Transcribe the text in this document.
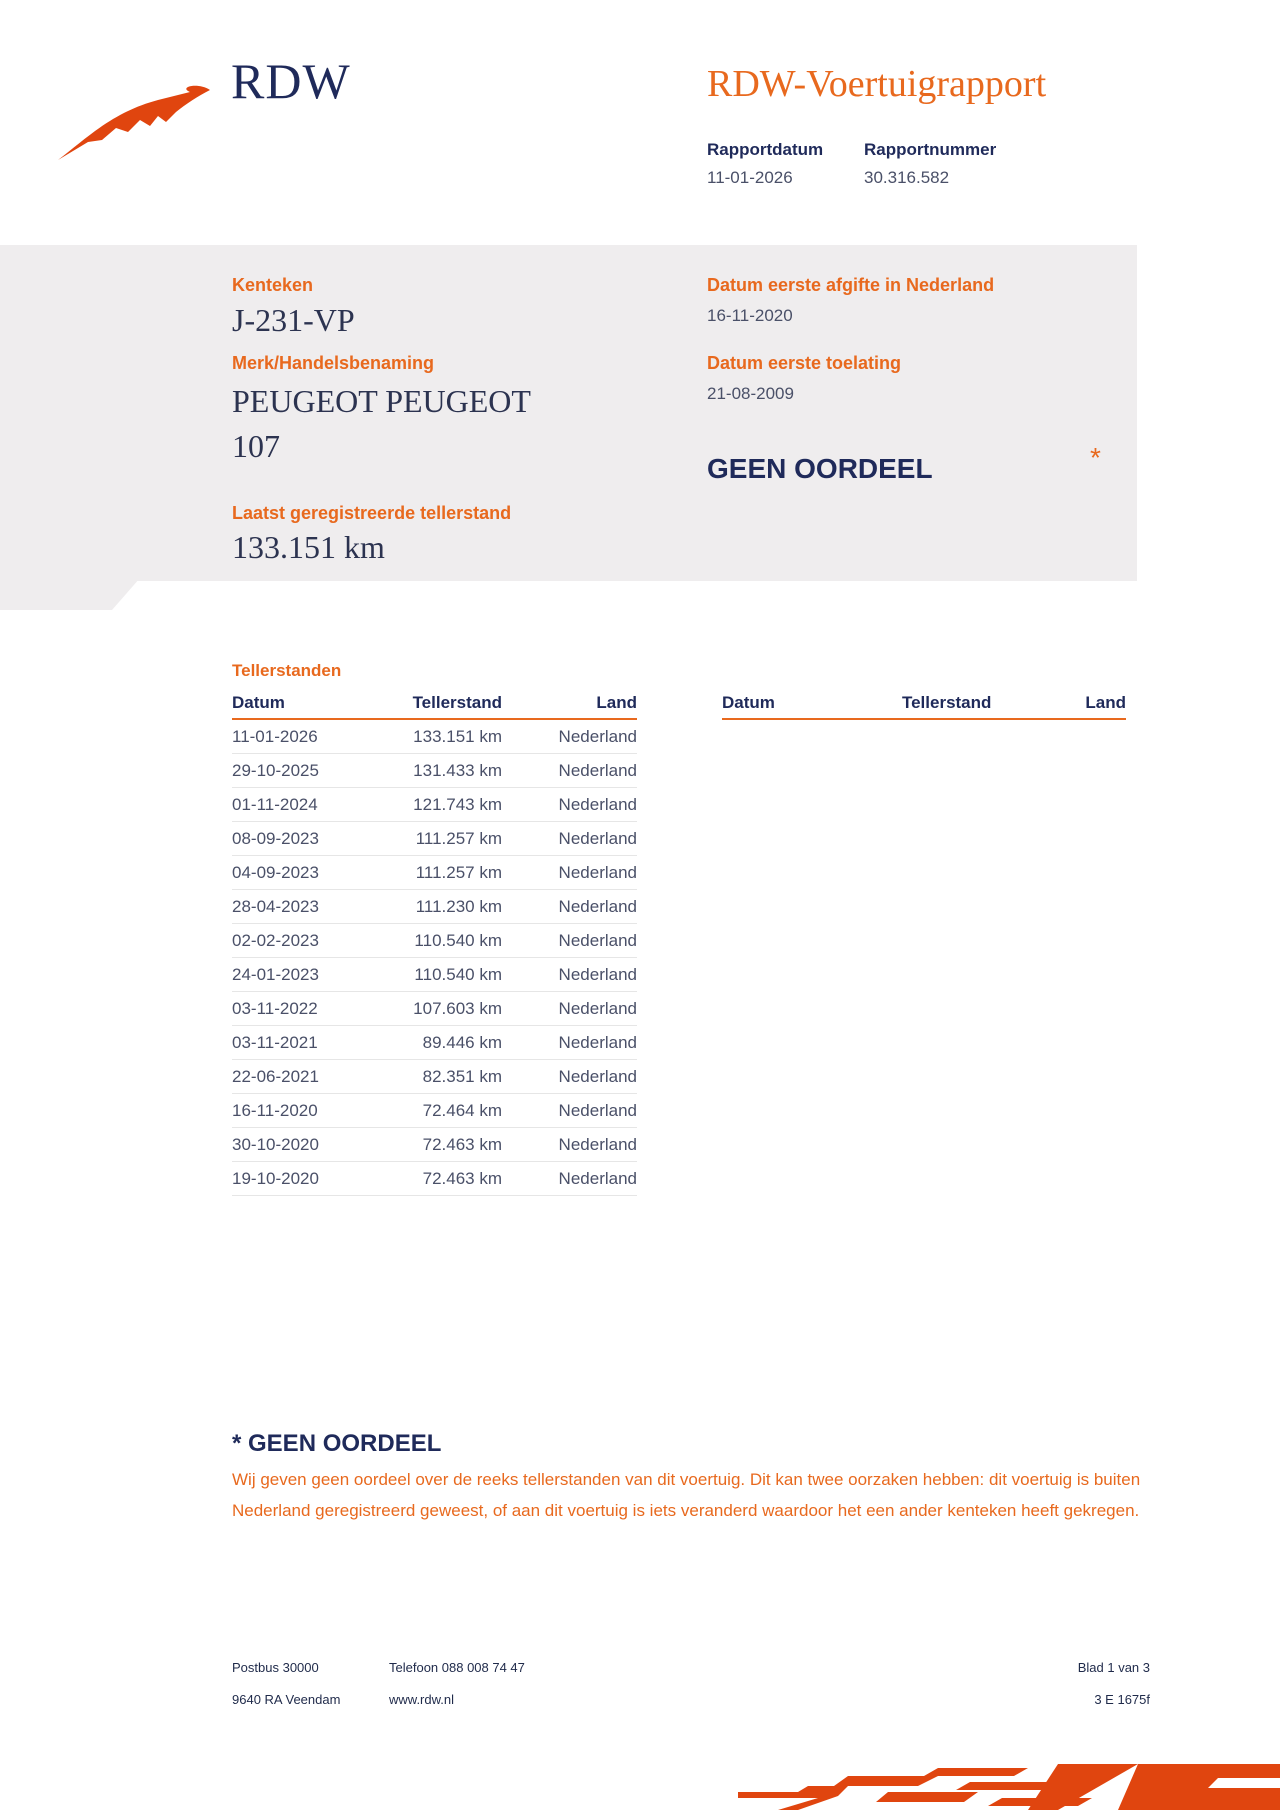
RDW	RDW-Voertuigrapport
Rapportdatum
11-01-2026
Rapportnummer
30.316.582
Kenteken
J-231-VP
Merk/Handelsbenaming
PEUGEOT PEUGEOT
107
Laatst geregistreerde tellerstand
133.151 km
Datum eerste afgifte in Nederland
16-11-2020
Datum eerste toelating
21-08-2009
GEEN OORDEEL	*
Tellerstanden
Datum	Tellerstand	Land
11-01-2026	133.151 km	Nederland
29-10-2025	131.433 km	Nederland
01-11-2024	121.743 km	Nederland
08-09-2023	111.257 km	Nederland
04-09-2023	111.257 km	Nederland
28-04-2023	111.230 km	Nederland
02-02-2023	110.540 km	Nederland
24-01-2023	110.540 km	Nederland
03-11-2022	107.603 km	Nederland
03-11-2021	89.446 km	Nederland
22-06-2021	82.351 km	Nederland
16-11-2020	72.464 km	Nederland
30-10-2020	72.463 km	Nederland
19-10-2020	72.463 km	Nederland
Datum	Tellerstand	Land
* GEEN OORDEEL
Wij geven geen oordeel over de reeks tellerstanden van dit voertuig. Dit kan twee oorzaken hebben: dit voertuig is buiten Nederland geregistreerd geweest, of aan dit voertuig is iets veranderd waardoor het een ander kenteken heeft gekregen.
Postbus 30000
9640 RA Veendam
Telefoon 088 008 74 47
www.rdw.nl
Blad 1 van 3
3 E 1675f
